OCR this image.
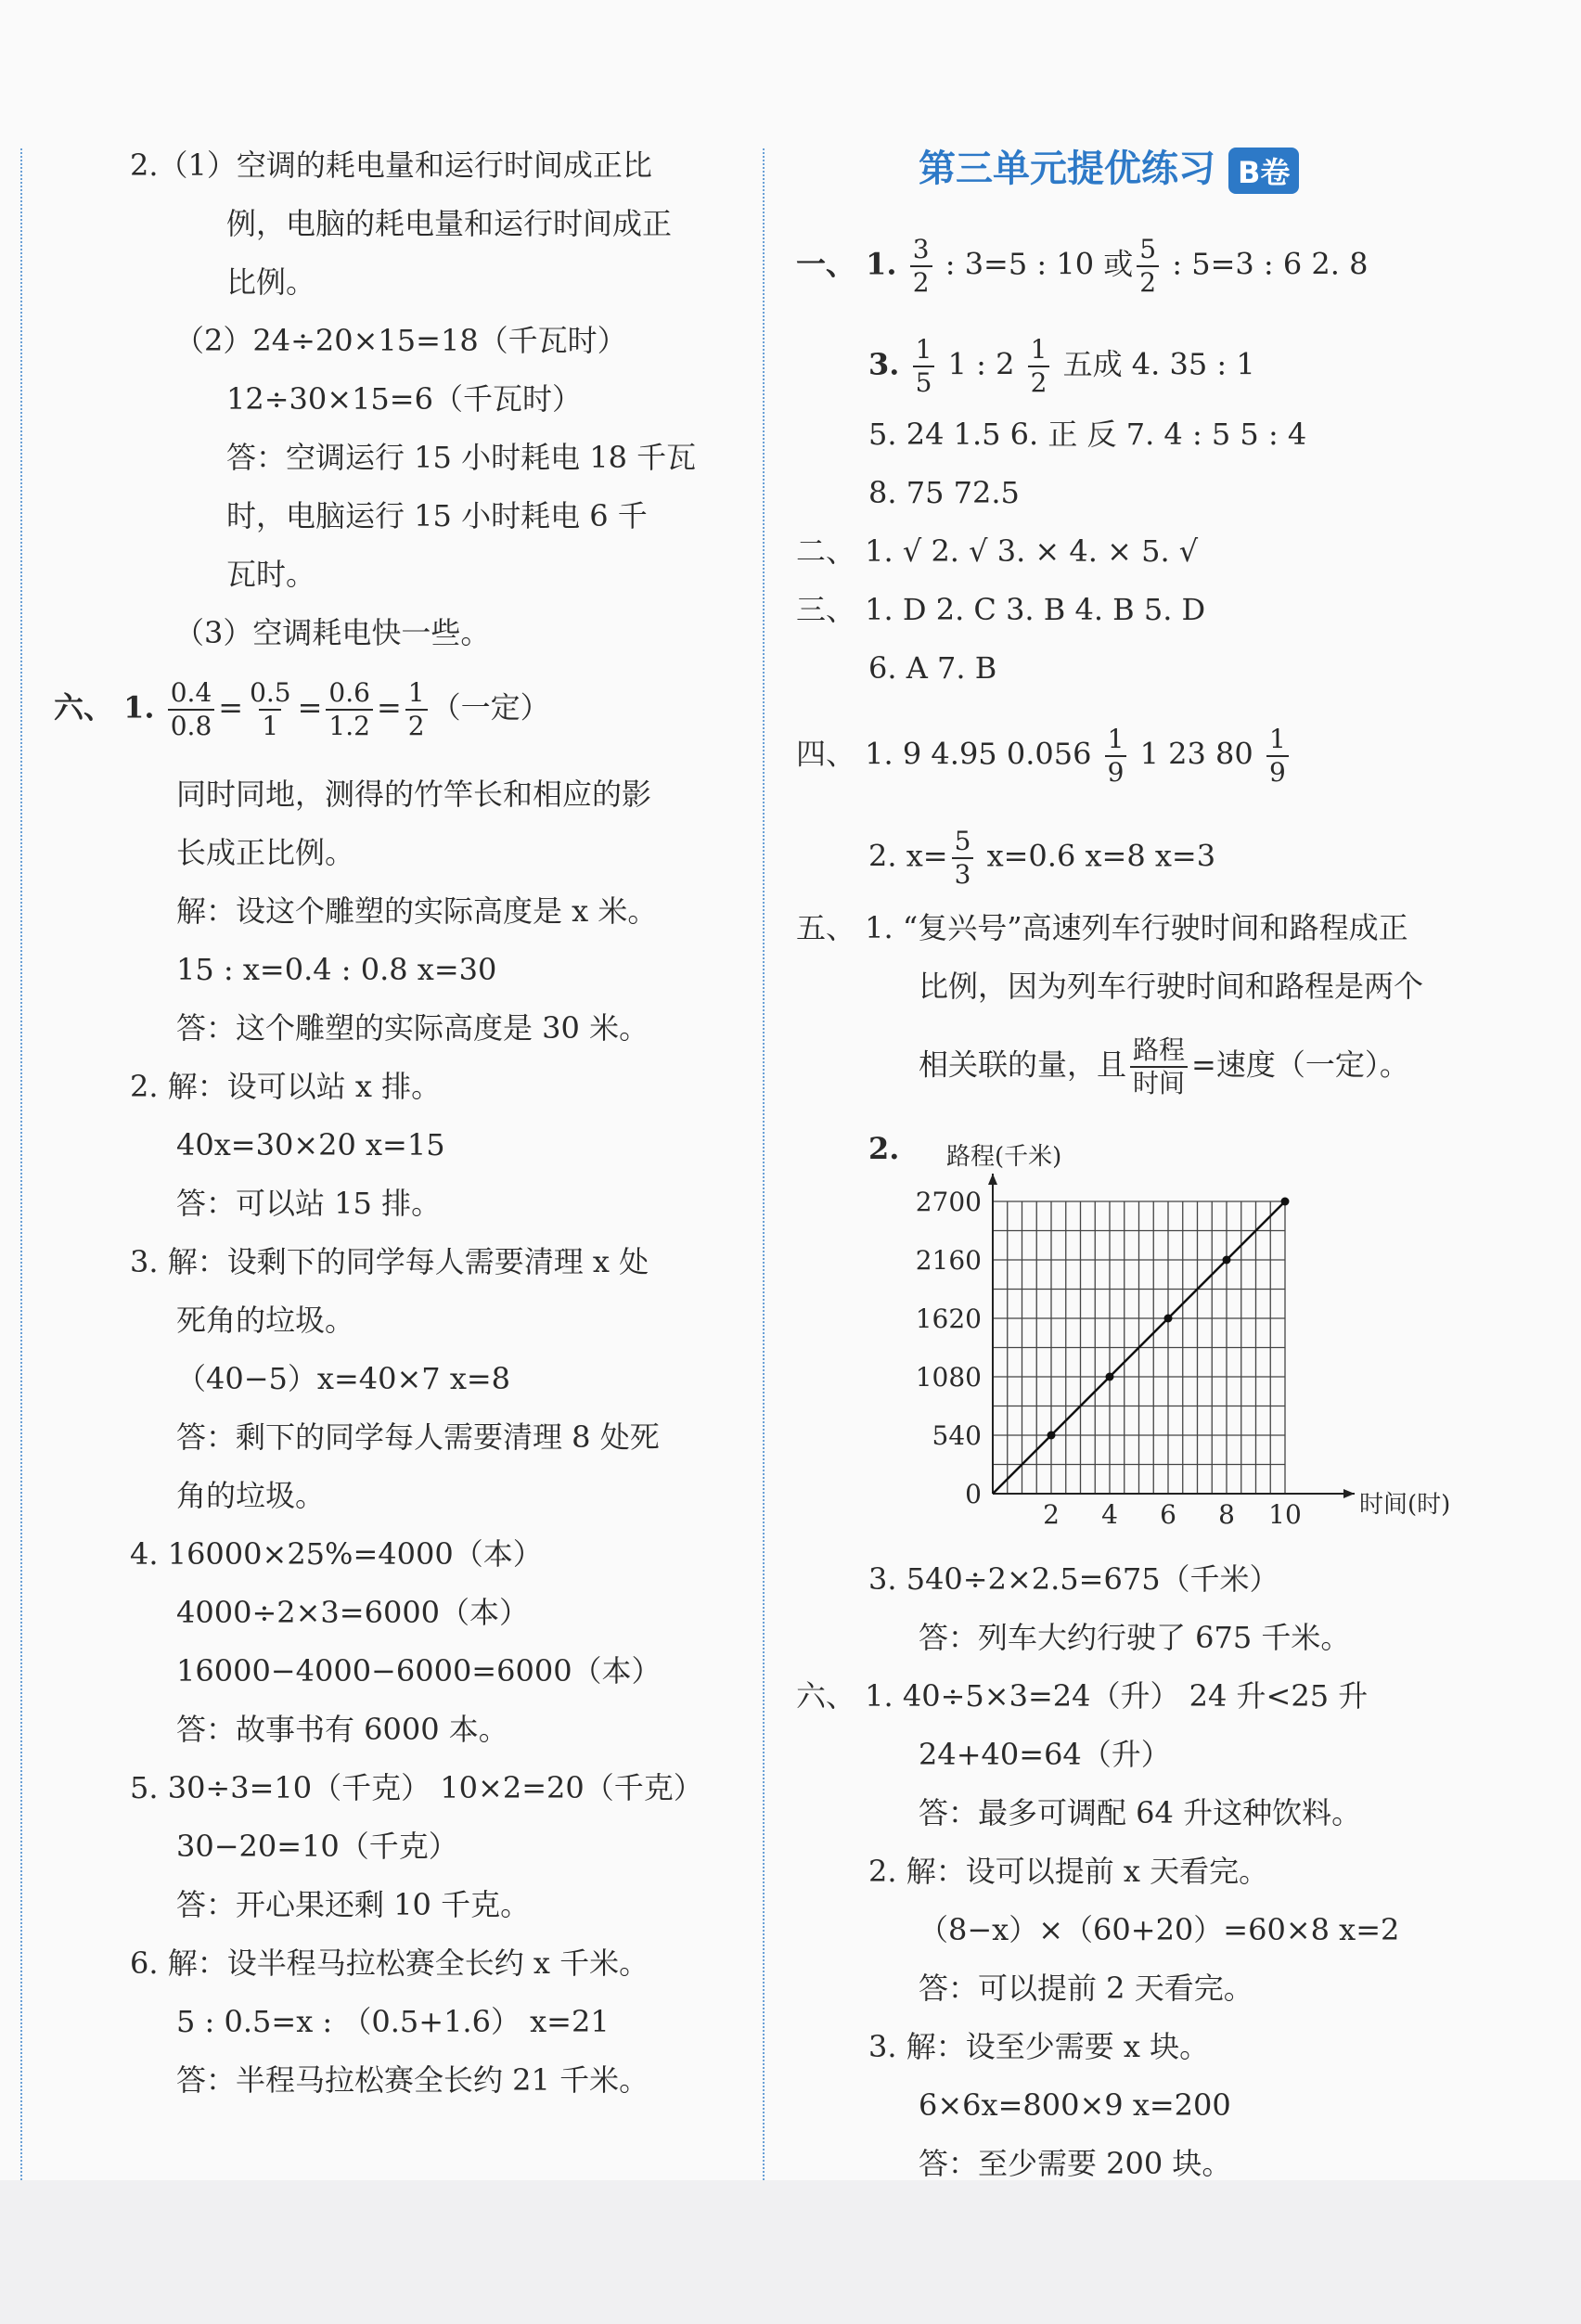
2.（1）空调的耗电量和运行时间成正比
例，电脑的耗电量和运行时间成正
比例。
（2）24÷20×15=18（千瓦时）
12÷30×15=6（千瓦时）
答：空调运行 15 小时耗电 18 千瓦
时，电脑运行 15 小时耗电 6 千
瓦时。
（3）空调耗电快一些。
六、 1. $\frac{0.4}{0.8} = \frac{0.5}{1} = \frac{0.6}{1.2} = \frac{1}{2}$ （一定）
同时同地，测得的竹竿长和相应的影
长成正比例。
解：设这个雕塑的实际高度是 x 米。
15 : x=0.4 : 0.8 x=30
答：这个雕塑的实际高度是 30 米。
2. 解：设可以站 x 排。
40x=30×20 x=15
答：可以站 15 排。
3. 解：设剩下的同学每人需要清理 x 处
死角的垃圾。
（40−5）x=40×7 x=8
答：剩下的同学每人需要清理 8 处死
角的垃圾。
4. 16000×25%=4000（本）
4000÷2×3=6000（本）
16000−4000−6000=6000（本）
答：故事书有 6000 本。
5. 30÷3=10（千克） 10×2=20（千克）
30−20=10（千克）
答：开心果还剩 10 千克。
6. 解：设半程马拉松赛全长约 x 千米。
5 : 0.5=x : （0.5+1.6） x=21
答：半程马拉松赛全长约 21 千米。
第三单元提优练习 B卷
一、 1. $\frac{3}{2}$ : 3=5 : 10 或 $\frac{5}{2}$ : 5=3 : 6 2. 8
3. $\frac{1}{5} 1$ : $2 \frac{1}{2}$ 五成 4. 35 : 1
5. 24 1.5 6. 正 反 7. 4 : 5 5 : 4
8. 75 72.5
二、 1. √ 2. √ 3. × 4. × 5. √
三、 1. D 2. C 3. B 4. B 5. D
6. A 7. B
四、 1. 9 4.95 $0.056 \frac{1}{9} 1$ 23 $80 \frac{1}{9}$
2. $x= \frac{5}{3} x=0.6$ x=8 x=3
五、 1. “复兴号”高速列车行驶时间和路程成正
比例，因为列车行驶时间和路程是两个
相关联的量，且 $\frac{\text{路程}}{\text{时间}}$ =速度（一定）。
2. 路程(千米)
时间(时)
0
540
1080
1620
2160
2700
2 4 6 8 10
3. 540÷2×2.5=675（千米）
答：列车大约行驶了 675 千米。
六、 1. 40÷5×3=24（升） 24 升<25 升
24+40=64（升）
答：最多可调配 64 升这种饮料。
2. 解：设可以提前 x 天看完。
（8−x）×（60+20）=60×8 x=2
答：可以提前 2 天看完。
3. 解：设至少需要 x 块。
6×6x=800×9 x=200
答：至少需要 200 块。
